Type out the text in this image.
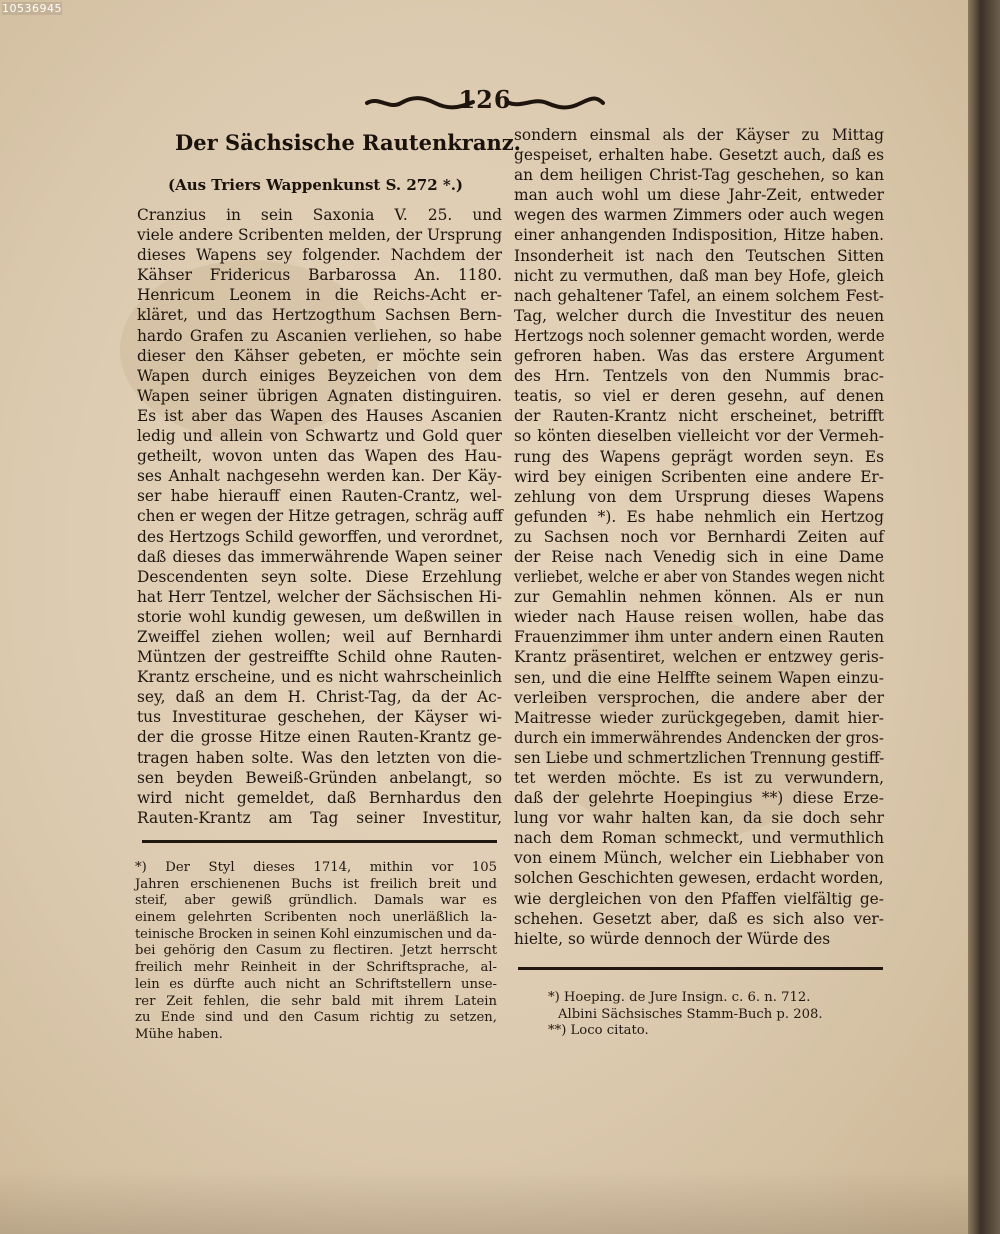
126
Der Sächsische Rautenkranz.
(Aus Triers Wappenkunst S. 272 *.)
Cranzius in sein Saxonia V. 25. und
viele andere Scribenten melden, der Ursprung
dieses Wapens sey folgender. Nachdem der
Kähser Fridericus Barbarossa An. 1180.
Henricum Leonem in die Reichs-Acht er-
kläret, und das Hertzogthum Sachsen Bern-
hardo Grafen zu Ascanien verliehen, so habe
dieser den Kähser gebeten, er möchte sein
Wapen durch einiges Beyzeichen von dem
Wapen seiner übrigen Agnaten distinguiren.
Es ist aber das Wapen des Hauses Ascanien
ledig und allein von Schwartz und Gold quer
getheilt, wovon unten das Wapen des Hau-
ses Anhalt nachgesehn werden kan. Der Käy-
ser habe hierauff einen Rauten-Crantz, wel-
chen er wegen der Hitze getragen, schräg auff
des Hertzogs Schild geworffen, und verordnet,
daß dieses das immerwährende Wapen seiner
Descendenten seyn solte. Diese Erzehlung
hat Herr Tentzel, welcher der Sächsischen Hi-
storie wohl kundig gewesen, um deßwillen in
Zweiffel ziehen wollen; weil auf Bernhardi
Müntzen der gestreiffte Schild ohne Rauten-
Krantz erscheine, und es nicht wahrscheinlich
sey, daß an dem H. Christ-Tag, da der Ac-
tus Investiturae geschehen, der Käyser wi-
der die grosse Hitze einen Rauten-Krantz ge-
tragen haben solte. Was den letzten von die-
sen beyden Beweiß-Gründen anbelangt, so
wird nicht gemeldet, daß Bernhardus den
Rauten-Krantz am Tag seiner Investitur,
*) Der Styl dieses 1714, mithin vor 105
Jahren erschienenen Buchs ist freilich breit und
steif, aber gewiß gründlich. Damals war es
einem gelehrten Scribenten noch unerläßlich la-
teinische Brocken in seinen Kohl einzumischen und da-
bei gehörig den Casum zu flectiren. Jetzt herrscht
freilich mehr Reinheit in der Schriftsprache, al-
lein es dürfte auch nicht an Schriftstellern unse-
rer Zeit fehlen, die sehr bald mit ihrem Latein
zu Ende sind und den Casum richtig zu setzen,
Mühe haben.
sondern einsmal als der Käyser zu Mittag
gespeiset, erhalten habe. Gesetzt auch, daß es
an dem heiligen Christ-Tag geschehen, so kan
man auch wohl um diese Jahr-Zeit, entweder
wegen des warmen Zimmers oder auch wegen
einer anhangenden Indisposition, Hitze haben.
Insonderheit ist nach den Teutschen Sitten
nicht zu vermuthen, daß man bey Hofe, gleich
nach gehaltener Tafel, an einem solchem Fest-
Tag, welcher durch die Investitur des neuen
Hertzogs noch solenner gemacht worden, werde
gefroren haben. Was das erstere Argument
des Hrn. Tentzels von den Nummis brac-
teatis, so viel er deren gesehn, auf denen
der Rauten-Krantz nicht erscheinet, betrifft
so könten dieselben vielleicht vor der Vermeh-
rung des Wapens geprägt worden seyn. Es
wird bey einigen Scribenten eine andere Er-
zehlung von dem Ursprung dieses Wapens
gefunden *). Es habe nehmlich ein Hertzog
zu Sachsen noch vor Bernhardi Zeiten auf
der Reise nach Venedig sich in eine Dame
verliebet, welche er aber von Standes wegen nicht
zur Gemahlin nehmen können. Als er nun
wieder nach Hause reisen wollen, habe das
Frauenzimmer ihm unter andern einen Rauten
Krantz präsentiret, welchen er entzwey geris-
sen, und die eine Helffte seinem Wapen einzu-
verleiben versprochen, die andere aber der
Maitresse wieder zurückgegeben, damit hier-
durch ein immerwährendes Andencken der gros-
sen Liebe und schmertzlichen Trennung gestiff-
tet werden möchte. Es ist zu verwundern,
daß der gelehrte Hoepingius **) diese Erze-
lung vor wahr halten kan, da sie doch sehr
nach dem Roman schmeckt, und vermuthlich
von einem Münch, welcher ein Liebhaber von
solchen Geschichten gewesen, erdacht worden,
wie dergleichen von den Pfaffen vielfältig ge-
schehen. Gesetzt aber, daß es sich also ver-
hielte, so würde dennoch der Würde des
*) Hoeping. de Jure Insign. c. 6. n. 712.
Albini Sächsisches Stamm-Buch p. 208.
**) Loco citato.
10536945
